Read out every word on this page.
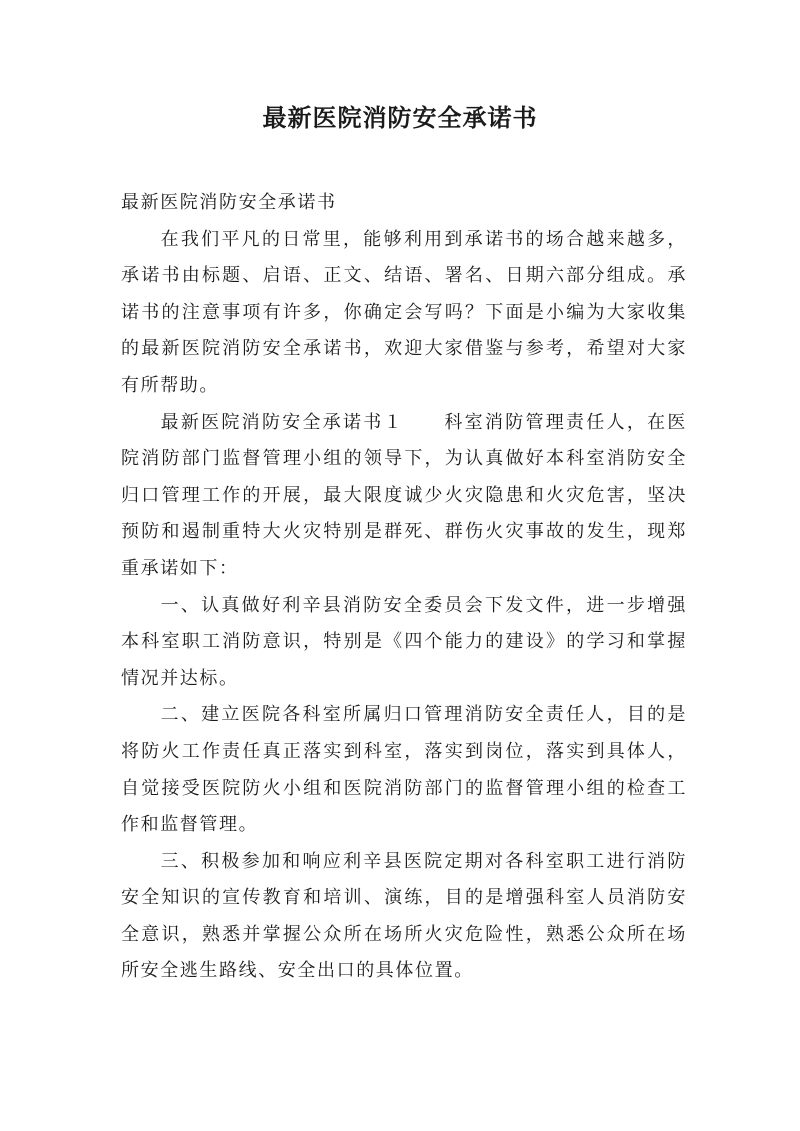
最新医院消防安全承诺书

最新医院消防安全承诺书

在我们平凡的日常里，能够利用到承诺书的场合越来越多，承诺书由标题、启语、正文、结语、署名、日期六部分组成。承诺书的注意事项有许多，你确定会写吗？下面是小编为大家收集的最新医院消防安全承诺书，欢迎大家借鉴与参考，希望对大家有所帮助。

最新医院消防安全承诺书１　　科室消防管理责任人，在医院消防部门监督管理小组的领导下，为认真做好本科室消防安全归口管理工作的开展，最大限度诚少火灾隐患和火灾危害，坚决预防和遏制重特大火灾特别是群死、群伤火灾事故的发生，现郑重承诺如下：

一、认真做好利辛县消防安全委员会下发文件，进一步增强本科室职工消防意识，特别是《四个能力的建设》的学习和掌握情况并达标。

二、建立医院各科室所属归口管理消防安全责任人，目的是将防火工作责任真正落实到科室，落实到岗位，落实到具体人，自觉接受医院防火小组和医院消防部门的监督管理小组的检查工作和监督管理。

三、积极参加和响应利辛县医院定期对各科室职工进行消防安全知识的宣传教育和培训、演练，目的是增强科室人员消防安全意识，熟悉并掌握公众所在场所火灾危险性，熟悉公众所在场所安全逃生路线、安全出口的具体位置。
